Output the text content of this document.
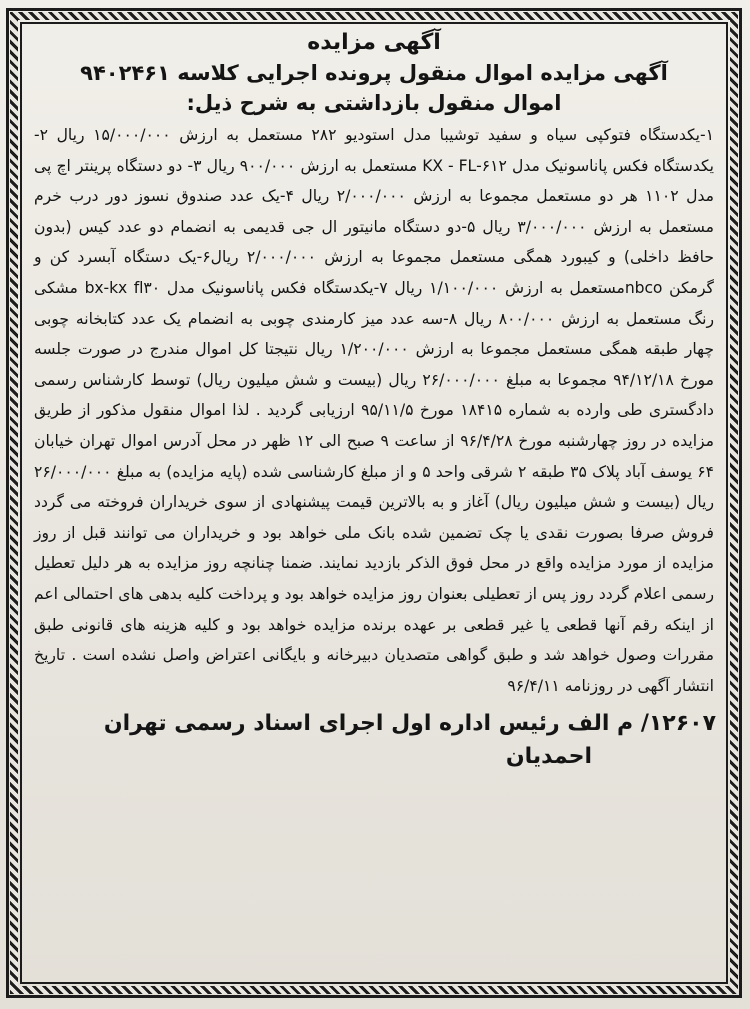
آگهی مزایده
آگهی مزایده اموال منقول پرونده اجرایی کلاسه ۹۴۰۲۴۶۱
اموال منقول بازداشتی به شرح ذیل:
۱-یکدستگاه فتوکپی سیاه و سفید توشیبا مدل استودیو ۲۸۲ مستعمل به ارزش ۱۵/۰۰۰/۰۰۰ ریال ۲-یکدستگاه فکس پاناسونیک مدل ۶۱۲-KX - FL مستعمل به ارزش ۹۰۰/۰۰۰ ریال ۳- دو دستگاه پرینتر اچ پی مدل ۱۱۰۲ هر دو مستعمل مجموعا به ارزش ۲/۰۰۰/۰۰۰ ریال ۴-یک عدد صندوق نسوز دور درب خرم مستعمل به ارزش ۳/۰۰۰/۰۰۰ ریال ۵-دو دستگاه مانیتور ال جی قدیمی به انضمام دو عدد کیس (بدون حافظ داخلی) و کیبورد همگی مستعمل مجموعا به ارزش ۲/۰۰۰/۰۰۰ ریال۶-یک دستگاه آبسرد کن و گرمکن nbcoمستعمل به ارزش ۱/۱۰۰/۰۰۰ ریال ۷-یکدستگاه فکس پاناسونیک مدل bx-kx fl۳۰ مشکی رنگ مستعمل به ارزش ۸۰۰/۰۰۰ ریال ۸-سه عدد میز کارمندی چوبی به انضمام یک عدد کتابخانه چوبی چهار طبقه همگی مستعمل مجموعا به ارزش ۱/۲۰۰/۰۰۰ ریال نتیجتا کل اموال مندرج در صورت جلسه مورخ ۹۴/۱۲/۱۸ مجموعا به مبلغ ۲۶/۰۰۰/۰۰۰ ریال (بیست و شش میلیون ریال) توسط کارشناس رسمی دادگستری طی وارده به شماره ۱۸۴۱۵ مورخ ۹۵/۱۱/۵ ارزیابی گردید . لذا اموال منقول مذکور از طریق مزایده در روز چهارشنبه مورخ ۹۶/۴/۲۸ از ساعت ۹ صبح الی ۱۲ ظهر در محل آدرس اموال تهران خیابان ۶۴ یوسف آباد پلاک ۳۵ طبقه ۲ شرقی واحد ۵ و از مبلغ کارشناسی شده (پایه مزایده) به مبلغ ۲۶/۰۰۰/۰۰۰ ریال (بیست و شش میلیون ریال) آغاز و به بالاترین قیمت پیشنهادی از سوی خریداران فروخته می گردد فروش صرفا بصورت نقدی یا چک تضمین شده بانک ملی خواهد بود و خریداران می توانند قبل از روز مزایده از مورد مزایده واقع در محل فوق الذکر بازدید نمایند. ضمنا چنانچه روز مزایده به هر دلیل تعطیل رسمی اعلام گردد روز پس از تعطیلی بعنوان روز مزایده خواهد بود و پرداخت کلیه بدهی های احتمالی اعم از اینکه رقم آنها قطعی یا غیر قطعی بر عهده برنده مزایده خواهد بود و کلیه هزینه های قانونی طبق مقررات وصول خواهد شد و طبق گواهی متصدیان دبیرخانه و بایگانی اعتراض واصل نشده است . تاریخ انتشار آگهی در روزنامه ۹۶/۴/۱۱
۱۲۶۰۷/ م الف رئیس اداره اول اجرای اسناد رسمی تهران
احمدیان
